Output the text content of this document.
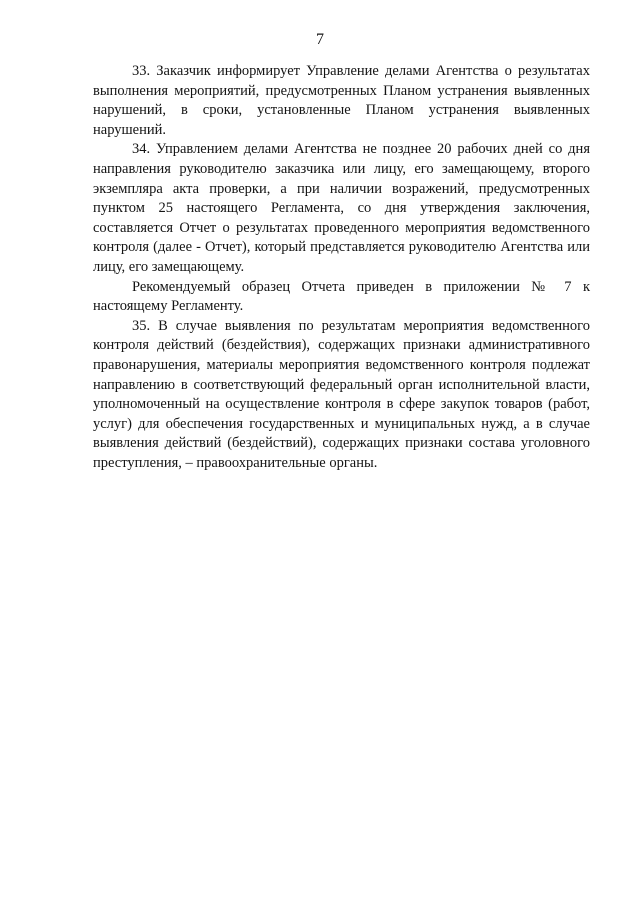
7

33. Заказчик информирует Управление делами Агентства о результатах выполнения мероприятий, предусмотренных Планом устранения выявленных нарушений, в сроки, установленные Планом устранения выявленных нарушений.

34. Управлением делами Агентства не позднее 20 рабочих дней со дня направления руководителю заказчика или лицу, его замещающему, второго экземпляра акта проверки, а при наличии возражений, предусмотренных пунктом 25 настоящего Регламента, со дня утверждения заключения, составляется Отчет о результатах проведенного мероприятия ведомственного контроля (далее - Отчет), который представляется руководителю Агентства или лицу, его замещающему.

Рекомендуемый образец Отчета приведен в приложении № 7 к настоящему Регламенту.

35. В случае выявления по результатам мероприятия ведомственного контроля действий (бездействия), содержащих признаки административного правонарушения, материалы мероприятия ведомственного контроля подлежат направлению в соответствующий федеральный орган исполнительной власти, уполномоченный на осуществление контроля в сфере закупок товаров (работ, услуг) для обеспечения государственных и муниципальных нужд, а в случае выявления действий (бездействий), содержащих признаки состава уголовного преступления, – правоохранительные органы.
